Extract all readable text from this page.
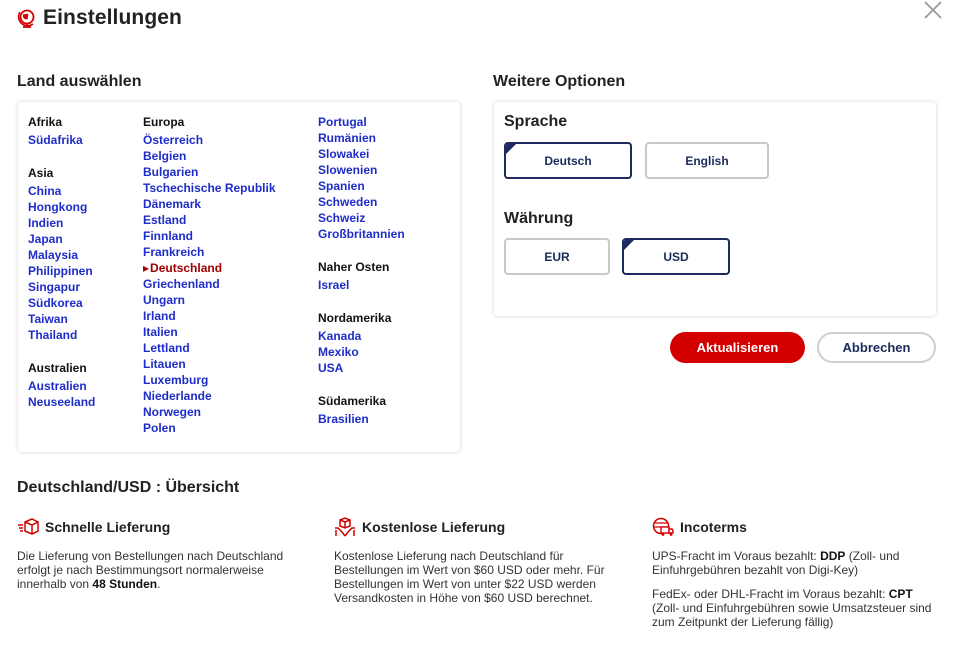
Einstellungen
Land auswählen
Afrika
Südafrika
Asia
China
Hongkong
Indien
Japan
Malaysia
Philippinen
Singapur
Südkorea
Taiwan
Thailand
Australien
Australien
Neuseeland
Europa
Österreich
Belgien
Bulgarien
Tschechische Republik
Dänemark
Estland
Finnland
Frankreich
▸ Deutschland
Griechenland
Ungarn
Irland
Italien
Lettland
Litauen
Luxemburg
Niederlande
Norwegen
Polen
Portugal
Rumänien
Slowakei
Slowenien
Spanien
Schweden
Schweiz
Großbritannien
Naher Osten
Israel
Nordamerika
Kanada
Mexiko
USA
Südamerika
Brasilien
Weitere Optionen
Sprache
Deutsch	English
Währung
EUR	USD
Aktualisieren	Abbrechen
Deutschland/USD : Übersicht
Schnelle Lieferung

Die Lieferung von Bestellungen nach Deutschland erfolgt je nach Bestimmungsort normalerweise innerhalb von 48 Stunden.

Kostenlose Lieferung

Kostenlose Lieferung nach Deutschland für Bestellungen im Wert von $60 USD oder mehr. Für Bestellungen im Wert von unter $22 USD werden Versandkosten in Höhe von $60 USD berechnet.

Incoterms

UPS-Fracht im Voraus bezahlt: DDP (Zoll- und Einfuhrgebühren bezahlt von Digi-Key)

FedEx- oder DHL-Fracht im Voraus bezahlt: CPT (Zoll- und Einfuhrgebühren sowie Umsatzsteuer sind zum Zeitpunkt der Lieferung fällig)
